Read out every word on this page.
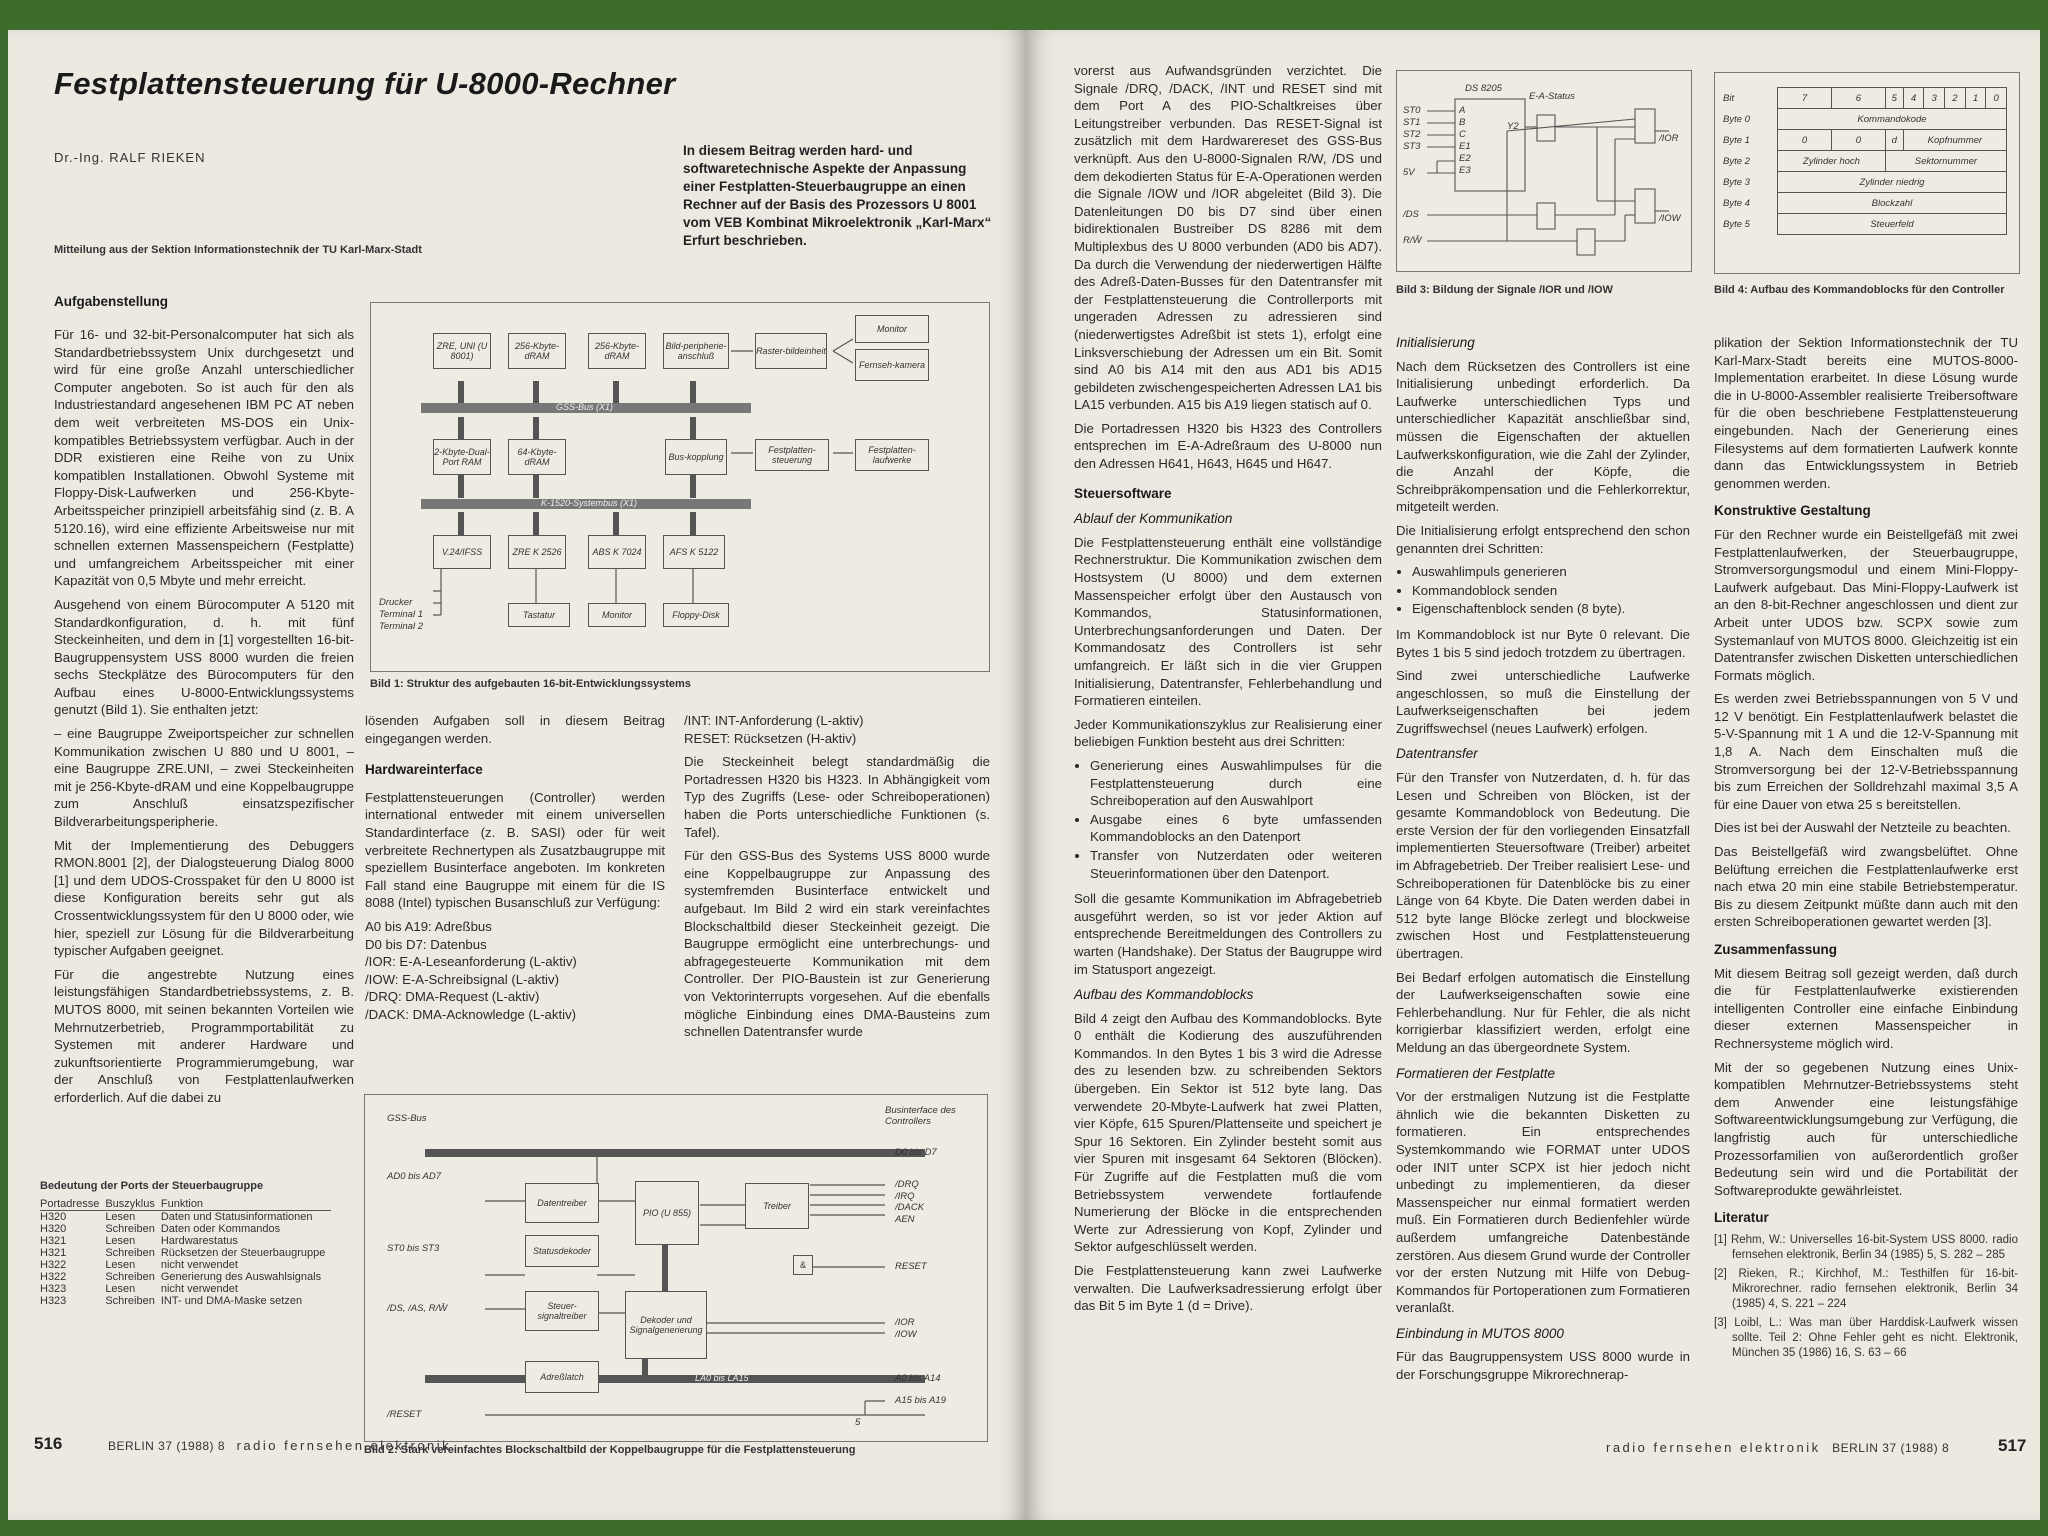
Festplattensteuerung für U-8000-Rechner
Dr.-Ing. RALF RIEKEN
Mitteilung aus der Sektion Informationstechnik der TU Karl-Marx-Stadt
In diesem Beitrag werden hard- und softwaretechnische Aspekte der Anpassung einer Festplatten-Steuerbaugruppe an einen Rechner auf der Basis des Prozessors U 8001 vom VEB Kombinat Mikroelektronik „Karl-Marx“ Erfurt beschrieben.
Aufgabenstellung

Für 16- und 32-bit-Personalcomputer hat sich als Standardbetriebssystem Unix durchgesetzt und wird für eine große Anzahl unterschiedlicher Computer angeboten. So ist auch für den als Industriestandard angesehenen IBM PC AT neben dem weit verbreiteten MS-DOS ein Unix-kompatibles Betriebssystem verfügbar. Auch in der DDR existieren eine Reihe von zu Unix kompatiblen Installationen. Obwohl Systeme mit Floppy-Disk-Laufwerken und 256-Kbyte-Arbeitsspeicher prinzipiell arbeitsfähig sind (z. B. A 5120.16), wird eine effiziente Arbeitsweise nur mit schnellen externen Massenspeichern (Festplatte) und umfangreichem Arbeitsspeicher mit einer Kapazität von 0,5 Mbyte und mehr erreicht.

Ausgehend von einem Bürocomputer A 5120 mit Standardkonfiguration, d. h. mit fünf Steckeinheiten, und dem in [1] vorgestellten 16-bit-Baugruppensystem USS 8000 wurden die freien sechs Steckplätze des Bürocomputers für den Aufbau eines U-8000-Entwicklungssystems genutzt (Bild 1). Sie enthalten jetzt:

– eine Baugruppe Zweiportspeicher zur schnellen Kommunikation zwischen U 880 und U 8001, – eine Baugruppe ZRE.UNI, – zwei Steckeinheiten mit je 256-Kbyte-dRAM und eine Koppelbaugruppe zum Anschluß einsatzspezifischer Bildverarbeitungsperipherie.

Mit der Implementierung des Debuggers RMON.8001 [2], der Dialogsteuerung Dialog 8000 [1] und dem UDOS-Crosspaket für den U 8000 ist diese Konfiguration bereits sehr gut als Crossentwicklungssystem für den U 8000 oder, wie hier, speziell zur Lösung für die Bildverarbeitung typischer Aufgaben geeignet.

Für die angestrebte Nutzung eines leistungsfähigen Standardbetriebssystems, z. B. MUTOS 8000, mit seinen bekannten Vorteilen wie Mehrnutzerbetrieb, Programmportabilität zu Systemen mit anderer Hardware und zukunftsorientierte Programmierumgebung, war der Anschluß von Festplattenlaufwerken erforderlich. Auf die dabei zu

Bedeutung der Ports der Steuerbaugruppe
Portadresse	Buszyklus	Funktion
H320	Lesen	Daten und Statusinformationen
H320	Schreiben	Daten oder Kommandos
H321	Lesen	Hardwarestatus
H321	Schreiben	Rücksetzen der Steuerbaugruppe
H322	Lesen	nicht verwendet
H322	Schreiben	Generierung des Auswahlsignals
H323	Lesen	nicht verwendet
H323	Schreiben	INT- und DMA-Maske setzen
ZRE, UNI (U 8001)
256-Kbyte-dRAM
256-Kbyte-dRAM
Bild-peripherie-anschluß	Raster-bildeinheit
Monitor
Fernseh-kamera
GSS-Bus (X1)
2-Kbyte-Dual-Port RAM
64-Kbyte-dRAM	Bus-kopplung
Festplatten-steuerung
Festplatten-laufwerke
K-1520-Systembus (X1)
V.24/IFSS	ZRE K 2526	ABS K 7024	AFS K 5122
Tastatur	Monitor	Floppy-Disk
Drucker
Terminal 1
Terminal 2
Bild 1: Struktur des aufgebauten 16-bit-Entwicklungssystems

lösenden Aufgaben soll in diesem Beitrag eingegangen werden.

Hardwareinterface

Festplattensteuerungen (Controller) werden international entweder mit einem universellen Standardinterface (z. B. SASI) oder für weit verbreitete Rechnertypen als Zusatzbaugruppe mit speziellem Businterface angeboten. Im konkreten Fall stand eine Baugruppe mit einem für die IS 8088 (Intel) typischen Busanschluß zur Verfügung:

A0 bis A19: Adreßbus
D0 bis D7: Datenbus
/IOR: E-A-Leseanforderung (L-aktiv)
/IOW: E-A-Schreibsignal (L-aktiv)
/DRQ: DMA-Request (L-aktiv)
/DACK: DMA-Acknowledge (L-aktiv)
/INT: INT-Anforderung (L-aktiv)
RESET: Rücksetzen (H-aktiv)

Die Steckeinheit belegt standardmäßig die Portadressen H320 bis H323. In Abhängigkeit vom Typ des Zugriffs (Lese- oder Schreiboperationen) haben die Ports unterschiedliche Funktionen (s. Tafel).

Für den GSS-Bus des Systems USS 8000 wurde eine Koppelbaugruppe zur Anpassung des systemfremden Businterface entwickelt und aufgebaut. Im Bild 2 wird ein stark vereinfachtes Blockschaltbild dieser Steckeinheit gezeigt. Die Baugruppe ermöglicht eine unterbrechungs- und abfragegesteuerte Kommunikation mit dem Controller. Der PIO-Baustein ist zur Generierung von Vektorinterrupts vorgesehen. Auf die ebenfalls mögliche Einbindung eines DMA-Bausteins zum schnellen Datentransfer wurde

GSS-Bus
Businterface des Controllers
AD0 bis AD7
ST0 bis ST3
/DS, /AS, R/W̄
/RESET
Datentreiber
Statusdekoder
Steuer-signaltreiber
Adreßlatch
PIO (U 855)
Treiber
Dekoder und Signalgenerierung
&
D0 bis D7
/DRQ
/IRQ
/DACK
AEN
RESET
/IOR
/IOW
A0 bis A14
A15 bis A19
LA0 bis LA15
5
Bild 2: Stark vereinfachtes Blockschaltbild der Koppelbaugruppe für die Festplattensteuerung
516	BERLIN 37 (1988) 8 radio fernsehen elektronik

vorerst aus Aufwandsgründen verzichtet. Die Signale /DRQ, /DACK, /INT und RESET sind mit dem Port A des PIO-Schaltkreises über Leitungstreiber verbunden. Das RESET-Signal ist zusätzlich mit dem Hardwarereset des GSS-Bus verknüpft. Aus den U-8000-Signalen R/W, /DS und dem dekodierten Status für E-A-Operationen werden die Signale /IOW und /IOR abgeleitet (Bild 3). Die Datenleitungen D0 bis D7 sind über einen bidirektionalen Bustreiber DS 8286 mit dem Multiplexbus des U 8000 verbunden (AD0 bis AD7). Da durch die Verwendung der niederwertigen Hälfte des Adreß-Daten-Busses für den Datentransfer mit der Festplattensteuerung die Controllerports mit ungeraden Adressen zu adressieren sind (niederwertigstes Adreßbit ist stets 1), erfolgt eine Linksverschiebung der Adressen um ein Bit. Somit sind A0 bis A14 mit den aus AD1 bis AD15 gebildeten zwischengespeicherten Adressen LA1 bis LA15 verbunden. A15 bis A19 liegen statisch auf 0.

Die Portadressen H320 bis H323 des Controllers entsprechen im E-A-Adreßraum des U-8000 nun den Adressen H641, H643, H645 und H647.

Steuersoftware
Ablauf der Kommunikation

Die Festplattensteuerung enthält eine vollständige Rechnerstruktur. Die Kommunikation zwischen dem Hostsystem (U 8000) und dem externen Massenspeicher erfolgt über den Austausch von Kommandos, Statusinformationen, Unterbrechungsanforderungen und Daten. Der Kommandosatz des Controllers ist sehr umfangreich. Er läßt sich in die vier Gruppen Initialisierung, Datentransfer, Fehlerbehandlung und Formatieren einteilen.

Jeder Kommunikationszyklus zur Realisierung einer beliebigen Funktion besteht aus drei Schritten:

• Generierung eines Auswahlimpulses für die Festplattensteuerung durch eine Schreiboperation auf den Auswahlport
• Ausgabe eines 6 byte umfassenden Kommandoblocks an den Datenport
• Transfer von Nutzerdaten oder weiteren Steuerinformationen über den Datenport.

Soll die gesamte Kommunikation im Abfragebetrieb ausgeführt werden, so ist vor jeder Aktion auf entsprechende Bereitmeldungen des Controllers zu warten (Handshake). Der Status der Baugruppe wird im Statusport angezeigt.

Aufbau des Kommandoblocks

Bild 4 zeigt den Aufbau des Kommandoblocks. Byte 0 enthält die Kodierung des auszuführenden Kommandos. In den Bytes 1 bis 3 wird die Adresse des zu lesenden bzw. zu schreibenden Sektors übergeben. Ein Sektor ist 512 byte lang. Das verwendete 20-Mbyte-Laufwerk hat zwei Platten, vier Köpfe, 615 Spuren/Plattenseite und speichert je Spur 16 Sektoren. Ein Zylinder besteht somit aus vier Spuren mit insgesamt 64 Sektoren (Blöcken). Für Zugriffe auf die Festplatten muß die vom Betriebssystem verwendete fortlaufende Numerierung der Blöcke in die entsprechenden Werte zur Adressierung von Kopf, Zylinder und Sektor aufgeschlüsselt werden.

Die Festplattensteuerung kann zwei Laufwerke verwalten. Die Laufwerksadressierung erfolgt über das Bit 5 im Byte 1 (d = Drive).

DS 8205
E-A-Status
ST0
ST1
ST2
ST3
5V
/DS
R/W̄
A
B
C
E1
E2
E3
Y2
/IOR
/IOW
Bild 3: Bildung der Signale /IOR und /IOW
Bit	7	6	5	4	3	2	1	0
Byte 0	Kommandokode							
Byte 1	0	0	d	Kopfnummer				
Byte 2	Zylinder hoch		Sektornummer					
Byte 3	Zylinder niedrig							
Byte 4	Blockzahl							
Byte 5	Steuerfeld							
Bild 4: Aufbau des Kommandoblocks für den Controller
Initialisierung

Nach dem Rücksetzen des Controllers ist eine Initialisierung unbedingt erforderlich. Da Laufwerke unterschiedlichen Typs und unterschiedlicher Kapazität anschließbar sind, müssen die Eigenschaften der aktuellen Laufwerkskonfiguration, wie die Zahl der Zylinder, die Anzahl der Köpfe, die Schreibpräkompensation und die Fehlerkorrektur, mitgeteilt werden.

Die Initialisierung erfolgt entsprechend den schon genannten drei Schritten:

• Auswahlimpuls generieren
• Kommandoblock senden
• Eigenschaftenblock senden (8 byte).

Im Kommandoblock ist nur Byte 0 relevant. Die Bytes 1 bis 5 sind jedoch trotzdem zu übertragen.

Sind zwei unterschiedliche Laufwerke angeschlossen, so muß die Einstellung der Laufwerkseigenschaften bei jedem Zugriffswechsel (neues Laufwerk) erfolgen.

Datentransfer

Für den Transfer von Nutzerdaten, d. h. für das Lesen und Schreiben von Blöcken, ist der gesamte Kommandoblock von Bedeutung. Die erste Version der für den vorliegenden Einsatzfall implementierten Steuersoftware (Treiber) arbeitet im Abfragebetrieb. Der Treiber realisiert Lese- und Schreiboperationen für Datenblöcke bis zu einer Länge von 64 Kbyte. Die Daten werden dabei in 512 byte lange Blöcke zerlegt und blockweise zwischen Host und Festplattensteuerung übertragen.

Bei Bedarf erfolgen automatisch die Einstellung der Laufwerkseigenschaften sowie eine Fehlerbehandlung. Nur für Fehler, die als nicht korrigierbar klassifiziert werden, erfolgt eine Meldung an das übergeordnete System.

Formatieren der Festplatte

Vor der erstmaligen Nutzung ist die Festplatte ähnlich wie die bekannten Disketten zu formatieren. Ein entsprechendes Systemkommando wie FORMAT unter UDOS oder INIT unter SCPX ist hier jedoch nicht unbedingt zu implementieren, da dieser Massenspeicher nur einmal formatiert werden muß. Ein Formatieren durch Bedienfehler würde außerdem umfangreiche Datenbestände zerstören. Aus diesem Grund wurde der Controller vor der ersten Nutzung mit Hilfe von Debug-Kommandos für Portoperationen zum Formatieren veranlaßt.

Einbindung in MUTOS 8000

Für das Baugruppensystem USS 8000 wurde in der Forschungsgruppe Mikrorechnerap-

plikation der Sektion Informationstechnik der TU Karl-Marx-Stadt bereits eine MUTOS-8000-Implementation erarbeitet. In diese Lösung wurde die in U-8000-Assembler realisierte Treibersoftware für die oben beschriebene Festplattensteuerung eingebunden. Nach der Generierung eines Filesystems auf dem formatierten Laufwerk konnte dann das Entwicklungssystem in Betrieb genommen werden.

Konstruktive Gestaltung

Für den Rechner wurde ein Beistellgefäß mit zwei Festplattenlaufwerken, der Steuerbaugruppe, Stromversorgungsmodul und einem Mini-Floppy-Laufwerk aufgebaut. Das Mini-Floppy-Laufwerk ist an den 8-bit-Rechner angeschlossen und dient zur Arbeit unter UDOS bzw. SCPX sowie zum Systemanlauf von MUTOS 8000. Gleichzeitig ist ein Datentransfer zwischen Disketten unterschiedlichen Formats möglich.

Es werden zwei Betriebsspannungen von 5 V und 12 V benötigt. Ein Festplattenlaufwerk belastet die 5-V-Spannung mit 1 A und die 12-V-Spannung mit 1,8 A. Nach dem Einschalten muß die Stromversorgung bei der 12-V-Betriebsspannung bis zum Erreichen der Solldrehzahl maximal 3,5 A für eine Dauer von etwa 25 s bereitstellen.

Dies ist bei der Auswahl der Netzteile zu beachten.

Das Beistellgefäß wird zwangsbelüftet. Ohne Belüftung erreichen die Festplattenlaufwerke erst nach etwa 20 min eine stabile Betriebstemperatur. Bis zu diesem Zeitpunkt müßte dann auch mit den ersten Schreiboperationen gewartet werden [3].

Zusammenfassung

Mit diesem Beitrag soll gezeigt werden, daß durch die für Festplattenlaufwerke existierenden intelligenten Controller eine einfache Einbindung dieser externen Massenspeicher in Rechnersysteme möglich wird.

Mit der so gegebenen Nutzung eines Unix-kompatiblen Mehrnutzer-Betriebssystems steht dem Anwender eine leistungsfähige Softwareentwicklungsumgebung zur Verfügung, die langfristig auch für unterschiedliche Prozessorfamilien von außerordentlich großer Bedeutung sein wird und die Portabilität der Softwareprodukte gewährleistet.

Literatur
[1] Rehm, W.: Universelles 16-bit-System USS 8000. radio fernsehen elektronik, Berlin 34 (1985) 5, S. 282 – 285
[2] Rieken, R.; Kirchhof, M.: Testhilfen für 16-bit-Mikrorechner. radio fernsehen elektronik, Berlin 34 (1985) 4, S. 221 – 224
[3] Loibl, L.: Was man über Harddisk-Laufwerk wissen sollte. Teil 2: Ohne Fehler geht es nicht. Elektronik, München 35 (1986) 16, S. 63 – 66
radio fernsehen elektronik BERLIN 37 (1988) 8	517
